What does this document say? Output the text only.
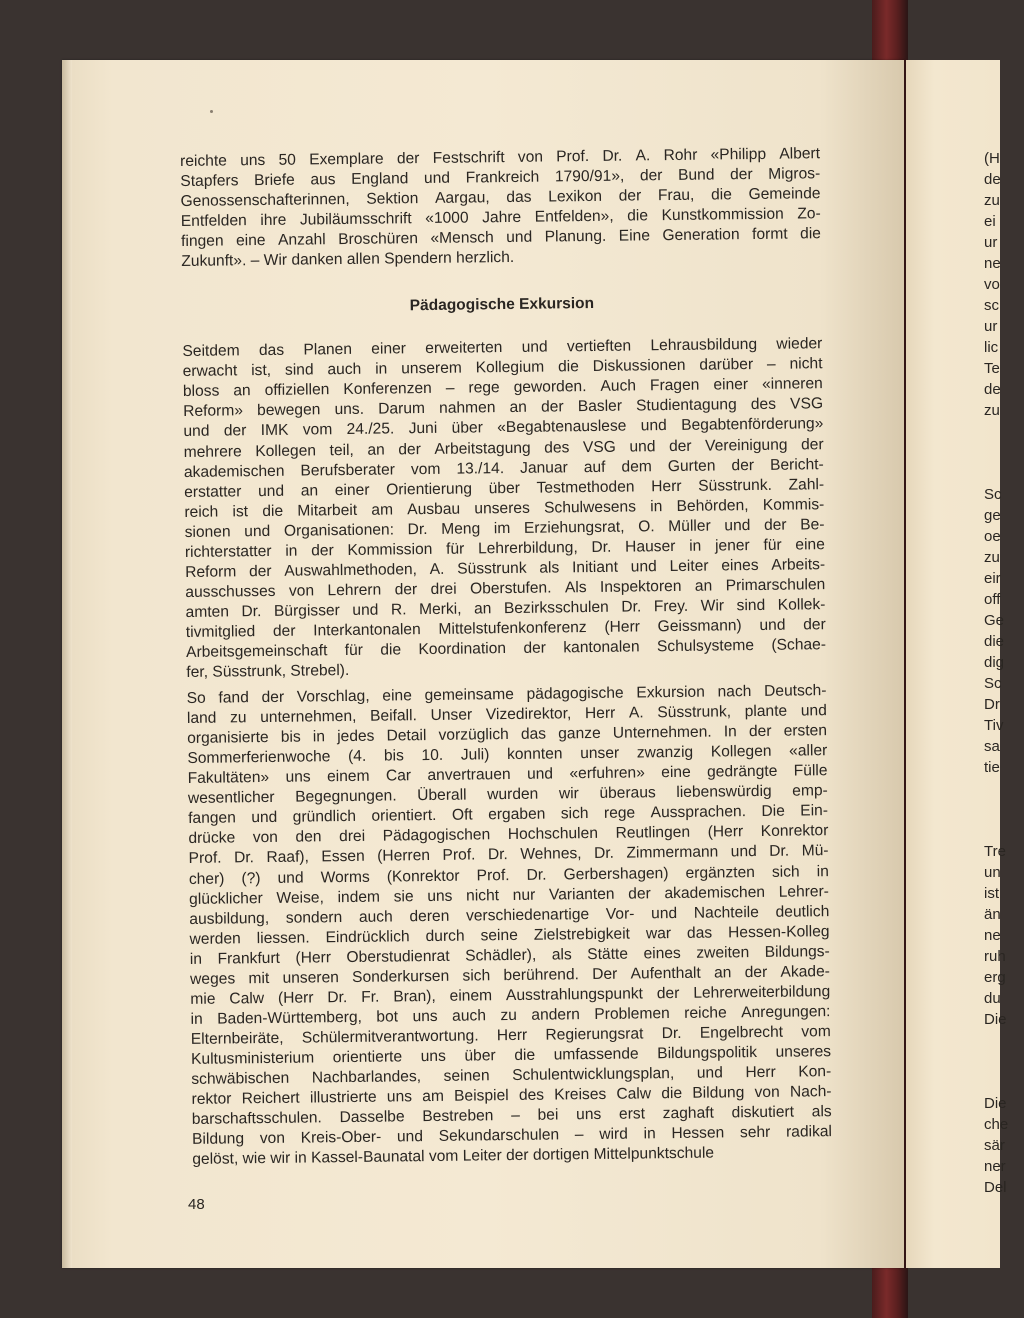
reichte uns 50 Exemplare der Festschrift von Prof. Dr. A. Rohr «Philipp Albert
Stapfers Briefe aus England und Frankreich 1790/91», der Bund der Migros-
Genossenschafterinnen, Sektion Aargau, das Lexikon der Frau, die Gemeinde
Entfelden ihre Jubiläumsschrift «1000 Jahre Entfelden», die Kunstkommission Zo-
fingen eine Anzahl Broschüren «Mensch und Planung. Eine Generation formt die
Zukunft». – Wir danken allen Spendern herzlich.
Pädagogische Exkursion
Seitdem das Planen einer erweiterten und vertieften Lehrausbildung wieder
erwacht ist, sind auch in unserem Kollegium die Diskussionen darüber – nicht
bloss an offiziellen Konferenzen – rege geworden. Auch Fragen einer «inneren
Reform» bewegen uns. Darum nahmen an der Basler Studientagung des VSG
und der IMK vom 24./25. Juni über «Begabtenauslese und Begabtenförderung»
mehrere Kollegen teil, an der Arbeitstagung des VSG und der Vereinigung der
akademischen Berufsberater vom 13./14. Januar auf dem Gurten der Bericht-
erstatter und an einer Orientierung über Testmethoden Herr Süsstrunk. Zahl-
reich ist die Mitarbeit am Ausbau unseres Schulwesens in Behörden, Kommis-
sionen und Organisationen: Dr. Meng im Erziehungsrat, O. Müller und der Be-
richterstatter in der Kommission für Lehrerbildung, Dr. Hauser in jener für eine
Reform der Auswahlmethoden, A. Süsstrunk als Initiant und Leiter eines Arbeits-
ausschusses von Lehrern der drei Oberstufen. Als Inspektoren an Primarschulen
amten Dr. Bürgisser und R. Merki, an Bezirksschulen Dr. Frey. Wir sind Kollek-
tivmitglied der Interkantonalen Mittelstufenkonferenz (Herr Geissmann) und der
Arbeitsgemeinschaft für die Koordination der kantonalen Schulsysteme (Schae-
fer, Süsstrunk, Strebel).
So fand der Vorschlag, eine gemeinsame pädagogische Exkursion nach Deutsch-
land zu unternehmen, Beifall. Unser Vizedirektor, Herr A. Süsstrunk, plante und
organisierte bis in jedes Detail vorzüglich das ganze Unternehmen. In der ersten
Sommerferienwoche (4. bis 10. Juli) konnten unser zwanzig Kollegen «aller
Fakultäten» uns einem Car anvertrauen und «erfuhren» eine gedrängte Fülle
wesentlicher Begegnungen. Überall wurden wir überaus liebenswürdig emp-
fangen und gründlich orientiert. Oft ergaben sich rege Aussprachen. Die Ein-
drücke von den drei Pädagogischen Hochschulen Reutlingen (Herr Konrektor
Prof. Dr. Raaf), Essen (Herren Prof. Dr. Wehnes, Dr. Zimmermann und Dr. Mü-
cher) (?) und Worms (Konrektor Prof. Dr. Gerbershagen) ergänzten sich in
glücklicher Weise, indem sie uns nicht nur Varianten der akademischen Lehrer-
ausbildung, sondern auch deren verschiedenartige Vor- und Nachteile deutlich
werden liessen. Eindrücklich durch seine Zielstrebigkeit war das Hessen-Kolleg
in Frankfurt (Herr Oberstudienrat Schädler), als Stätte eines zweiten Bildungs-
weges mit unseren Sonderkursen sich berührend. Der Aufenthalt an der Akade-
mie Calw (Herr Dr. Fr. Bran), einem Ausstrahlungspunkt der Lehrerweiterbildung
in Baden-Württemberg, bot uns auch zu andern Problemen reiche Anregungen:
Elternbeiräte, Schülermitverantwortung. Herr Regierungsrat Dr. Engelbrecht vom
Kultusministerium orientierte uns über die umfassende Bildungspolitik unseres
schwäbischen Nachbarlandes, seinen Schulentwicklungsplan, und Herr Kon-
rektor Reichert illustrierte uns am Beispiel des Kreises Calw die Bildung von Nach-
barschaftsschulen. Dasselbe Bestreben – bei uns erst zaghaft diskutiert als
Bildung von Kreis-Ober- und Sekundarschulen – wird in Hessen sehr radikal
gelöst, wie wir in Kassel-Baunatal vom Leiter der dortigen Mittelpunktschule
48
(H
de
zu
ei
ur
ne
vo
sc
ur
lic
Te
de
zu
Sc
ge
oe
zu
eir
off
Ge
die
dig
Sc
Dr
Tiv
sa
tie
Tre
un
ist
än
ne
ruh
erg
du
Die
Die
che
sär
ner
Del
